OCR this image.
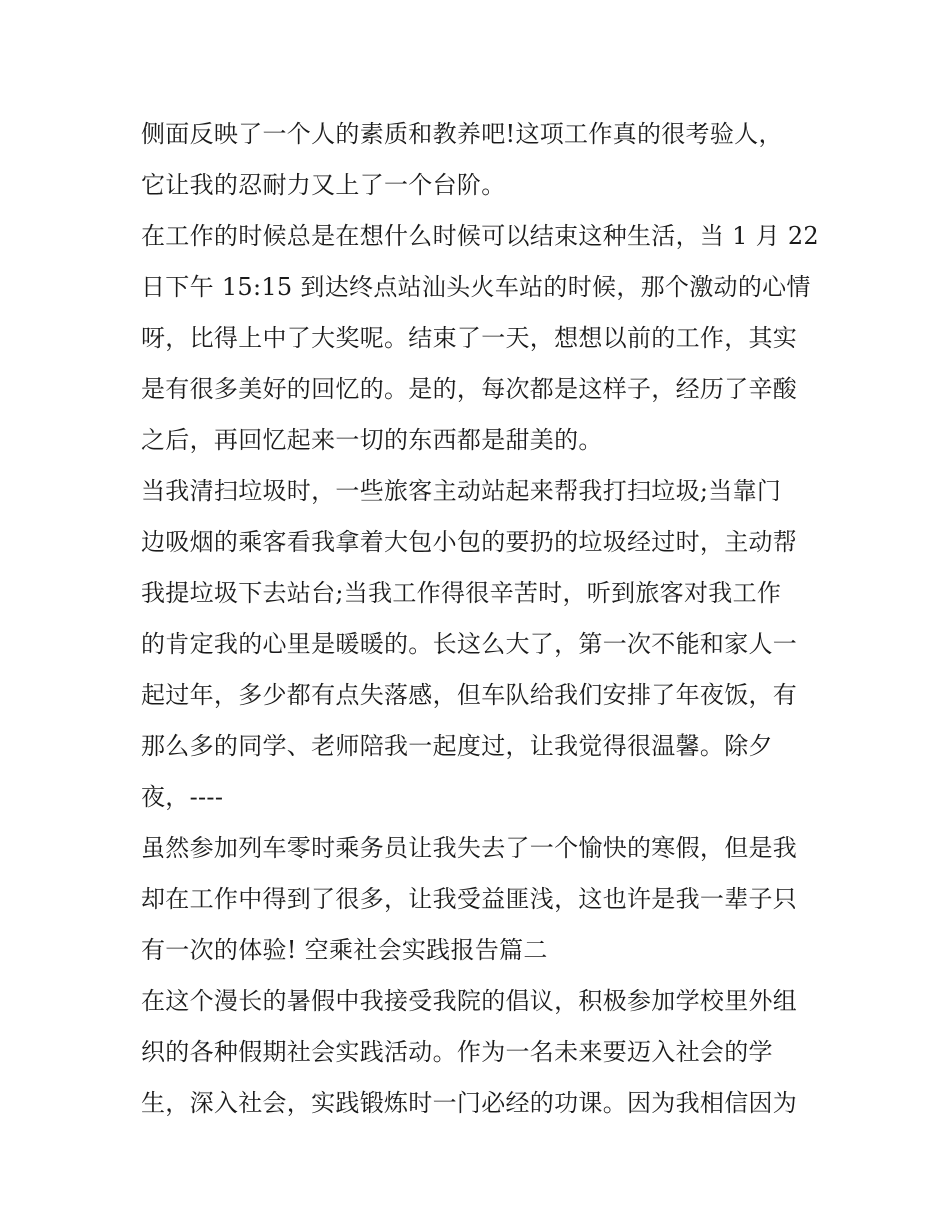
侧面反映了一个人的素质和教养吧!这项工作真的很考验人，
它让我的忍耐力又上了一个台阶。
在工作的时候总是在想什么时候可以结束这种生活，当 1 月 22
日下午 15:15 到达终点站汕头火车站的时候，那个激动的心情
呀，比得上中了大奖呢。结束了一天，想想以前的工作，其实
是有很多美好的回忆的。是的，每次都是这样子，经历了辛酸
之后，再回忆起来一切的东西都是甜美的。
当我清扫垃圾时，一些旅客主动站起来帮我打扫垃圾;当靠门
边吸烟的乘客看我拿着大包小包的要扔的垃圾经过时，主动帮
我提垃圾下去站台;当我工作得很辛苦时，听到旅客对我工作
的肯定我的心里是暖暖的。长这么大了，第一次不能和家人一
起过年，多少都有点失落感，但车队给我们安排了年夜饭，有
那么多的同学、老师陪我一起度过，让我觉得很温馨。除夕
夜，----
虽然参加列车零时乘务员让我失去了一个愉快的寒假，但是我
却在工作中得到了很多，让我受益匪浅，这也许是我一辈子只
有一次的体验! 空乘社会实践报告篇二
在这个漫长的暑假中我接受我院的倡议，积极参加学校里外组
织的各种假期社会实践活动。作为一名未来要迈入社会的学
生，深入社会，实践锻炼时一门必经的功课。因为我相信因为
